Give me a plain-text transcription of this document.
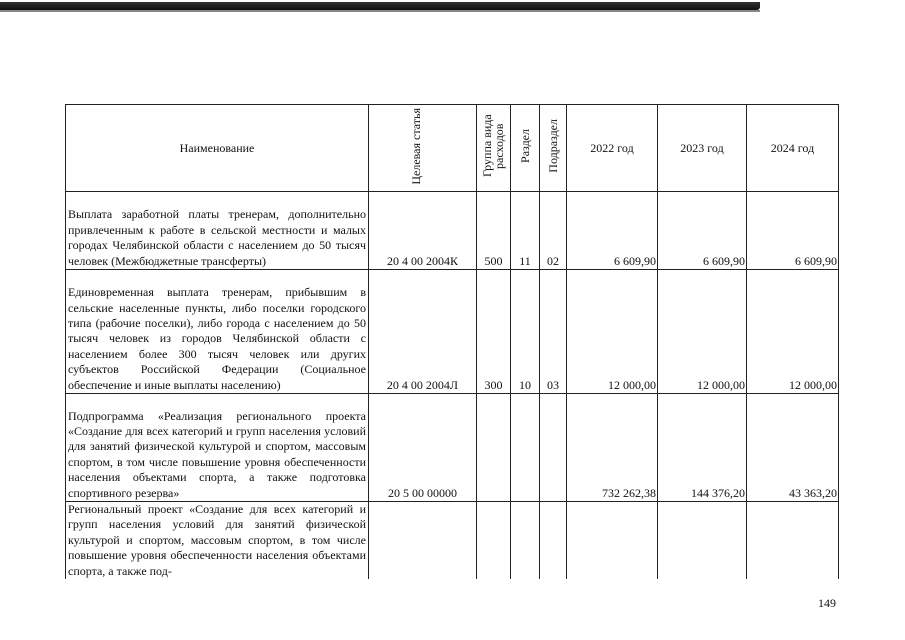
Наименование	Целевая статья	Группа вида расходов	Раздел	Подраздел	2022 год	2023 год	2024 год
Выплата заработной платы тренерам, дополнительно привлеченным к работе в сельской местности и малых городах Челябинской области с населением до 50 тысяч человек (Межбюджетные трансферты)	20 4 00 2004К	500	11	02	6 609,90	6 609,90	6 609,90
Единовременная выплата тренерам, прибывшим в сельские населенные пункты, либо поселки городского типа (рабочие поселки), либо города с населением до 50 тысяч человек из городов Челябинской области с населением более 300 тысяч человек или других субъектов Российской Федерации (Социальное обеспечение и иные выплаты населению)	20 4 00 2004Л	300	10	03	12 000,00	12 000,00	12 000,00
Подпрограмма «Реализация регионального проекта «Создание для всех категорий и групп населения условий для занятий физической культурой и спортом, массовым спортом, в том числе повышение уровня обеспеченности населения объектами спорта, а также подготовка спортивного резерва»	20 5 00 00000				732 262,38	144 376,20	43 363,20
Региональный проект «Создание для всех категорий и групп населения условий для занятий физической культурой и спортом, массовым спортом, в том числе повышение уровня обеспеченности населения объектами спорта, а также под-							
149
